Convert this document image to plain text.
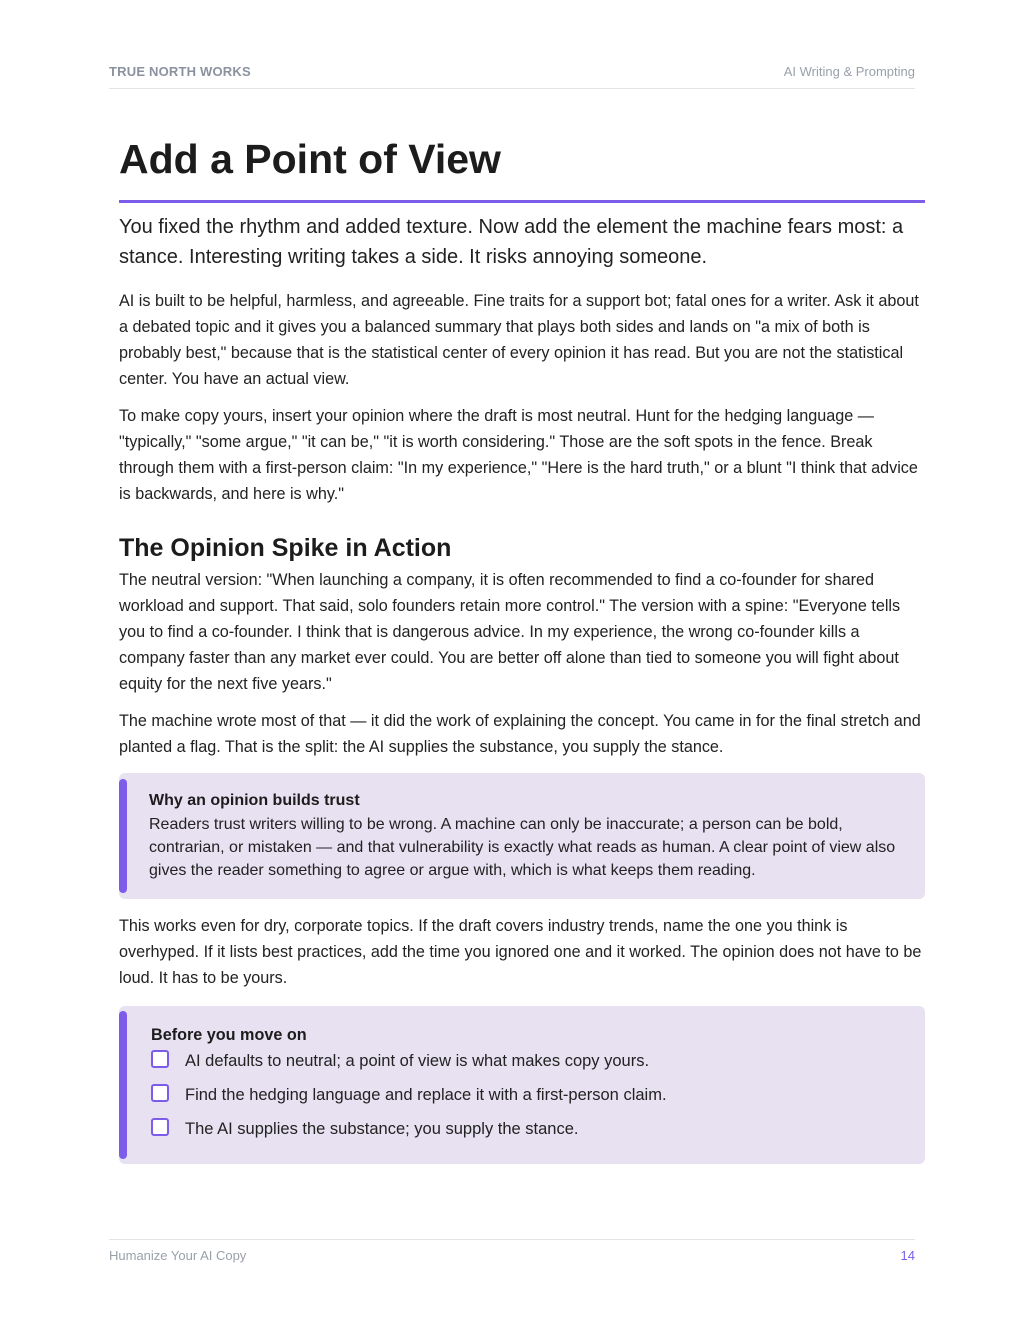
TRUE NORTH WORKS	AI Writing & Prompting
Add a Point of View

You fixed the rhythm and added texture. Now add the element the machine fears most: a stance. Interesting writing takes a side. It risks annoying someone.

AI is built to be helpful, harmless, and agreeable. Fine traits for a support bot; fatal ones for a writer. Ask it about a debated topic and it gives you a balanced summary that plays both sides and lands on "a mix of both is probably best," because that is the statistical center of every opinion it has read. But you are not the statistical center. You have an actual view.

To make copy yours, insert your opinion where the draft is most neutral. Hunt for the hedging language — "typically," "some argue," "it can be," "it is worth considering." Those are the soft spots in the fence. Break through them with a first-person claim: "In my experience," "Here is the hard truth," or a blunt "I think that advice is backwards, and here is why."

The Opinion Spike in Action

The neutral version: "When launching a company, it is often recommended to find a co-founder for shared workload and support. That said, solo founders retain more control." The version with a spine: "Everyone tells you to find a co-founder. I think that is dangerous advice. In my experience, the wrong co-founder kills a company faster than any market ever could. You are better off alone than tied to someone you will fight about equity for the next five years."

The machine wrote most of that — it did the work of explaining the concept. You came in for the final stretch and planted a flag. That is the split: the AI supplies the substance, you supply the stance.

Why an opinion builds trust
Readers trust writers willing to be wrong. A machine can only be inaccurate; a person can be bold, contrarian, or mistaken — and that vulnerability is exactly what reads as human. A clear point of view also gives the reader something to agree or argue with, which is what keeps them reading.

This works even for dry, corporate topics. If the draft covers industry trends, name the one you think is overhyped. If it lists best practices, add the time you ignored one and it worked. The opinion does not have to be loud. It has to be yours.

Before you move on
AI defaults to neutral; a point of view is what makes copy yours.
Find the hedging language and replace it with a first-person claim.
The AI supplies the substance; you supply the stance.
Humanize Your AI Copy	14
